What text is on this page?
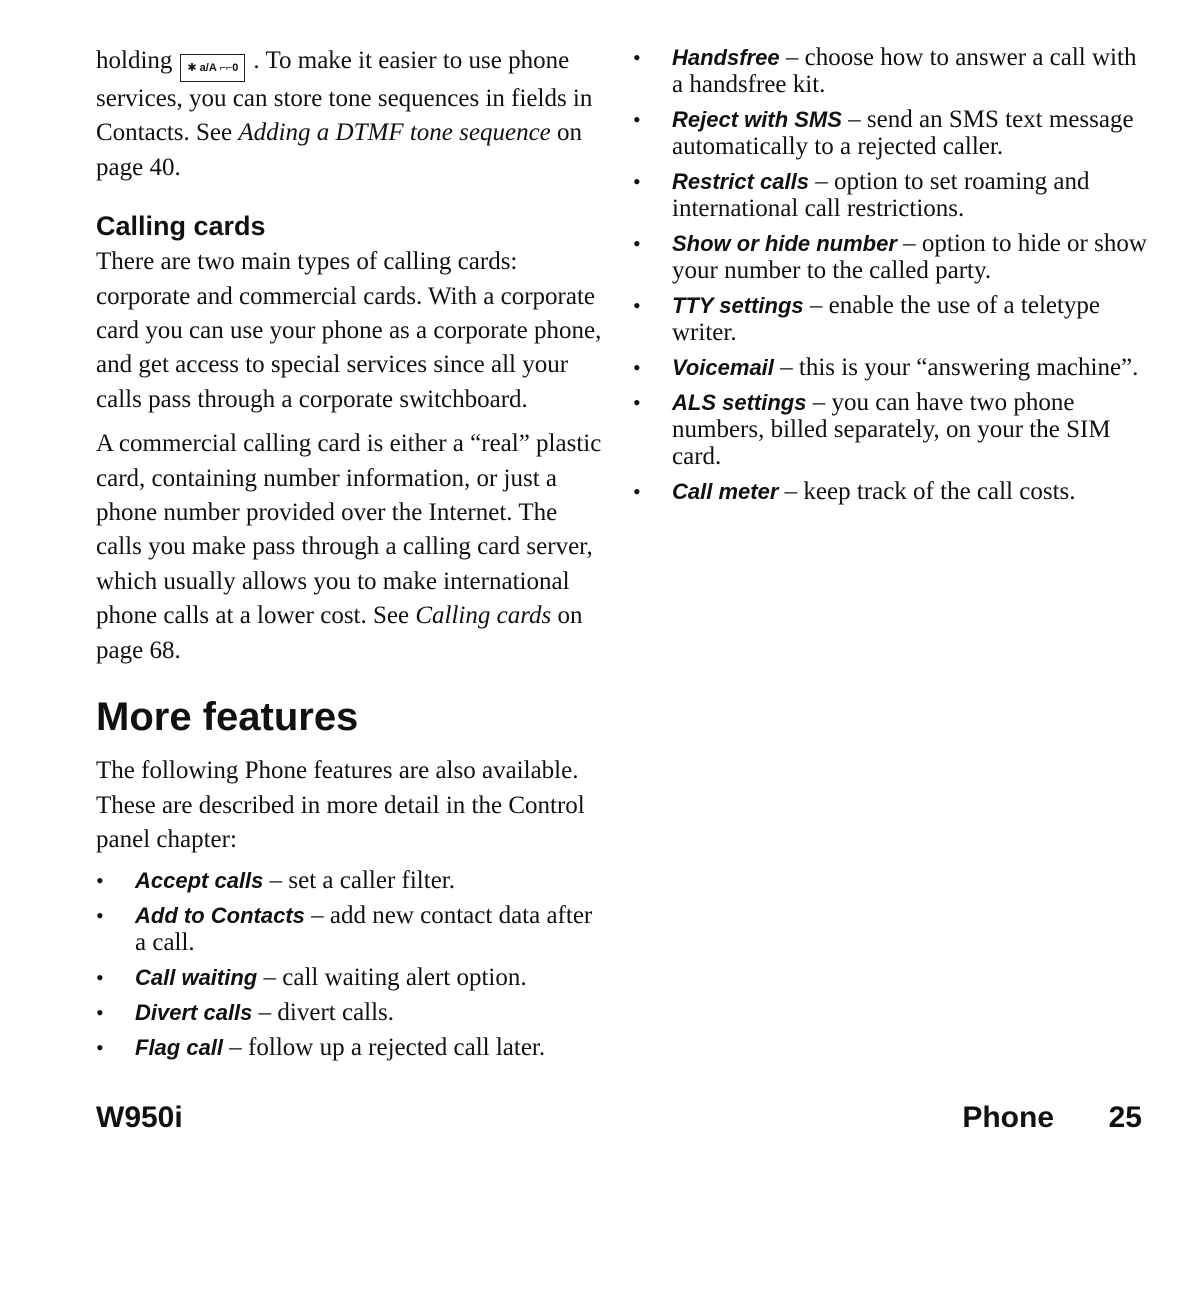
holding ✱ a/A ⌐⌐0 . To make it easier to use phone services, you can store tone sequences in fields in Contacts. See Adding a DTMF tone sequence on page 40.

Calling cards

There are two main types of calling cards: corporate and commercial cards. With a corporate card you can use your phone as a corporate phone, and get access to special services since all your calls pass through a corporate switchboard.

A commercial calling card is either a “real” plastic card, containing number information, or just a phone number provided over the Internet. The calls you make pass through a calling card server, which usually allows you to make international phone calls at a lower cost. See Calling cards on page 68.

More features

The following Phone features are also available. These are described in more detail in the Control panel chapter:

• Accept calls – set a caller filter.
• Add to Contacts – add new contact data after a call.
• Call waiting – call waiting alert option.
• Divert calls – divert calls.
• Flag call – follow up a rejected call later.
• Handsfree – choose how to answer a call with a handsfree kit.
• Reject with SMS – send an SMS text message automatically to a rejected caller.
• Restrict calls – option to set roaming and international call restrictions.
• Show or hide number – option to hide or show your number to the called party.
• TTY settings – enable the use of a teletype writer.
• Voicemail – this is your “answering machine”.
• ALS settings – you can have two phone numbers, billed separately, on your the SIM card.
• Call meter – keep track of the call costs.
W950i	Phone 25
